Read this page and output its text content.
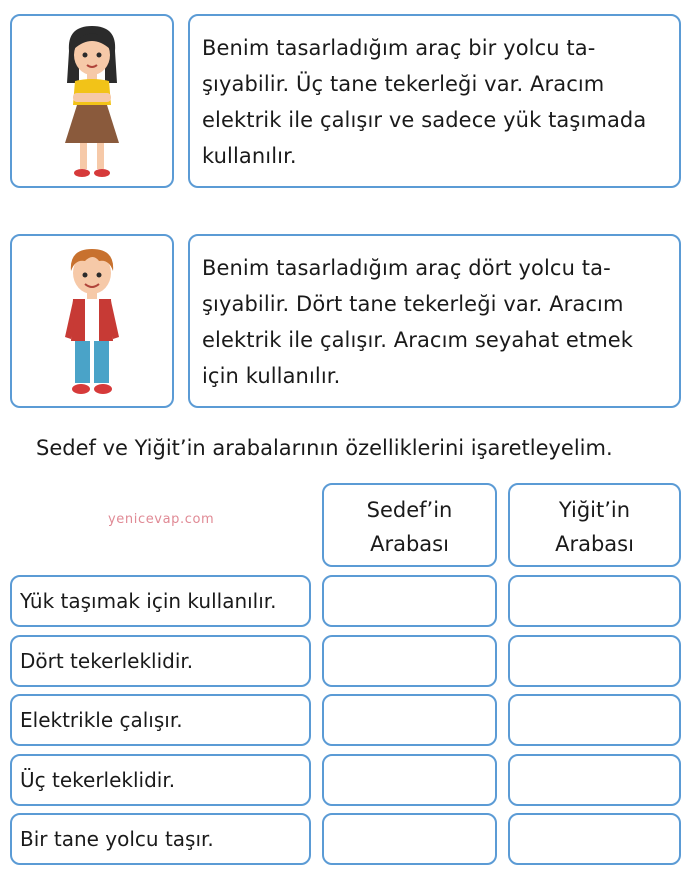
Benim tasarladığım araç bir yolcu ta-
şıyabilir. Üç tane tekerleği var. Aracım
elektrik ile çalışır ve sadece yük taşımada
kullanılır.
Benim tasarladığım araç dört yolcu ta-
şıyabilir. Dört tane tekerleği var. Aracım
elektrik ile çalışır. Aracım seyahat etmek
için kullanılır.
Sedef ve Yiğit’in arabalarının özelliklerini işaretleyelim.
yenicevap.com	Sedef’in
Arabası
Yiğit’in
Arabası
Yük taşımak için kullanılır.
Dört tekerleklidir.
Elektrikle çalışır.
Üç tekerleklidir.
Bir tane yolcu taşır.
